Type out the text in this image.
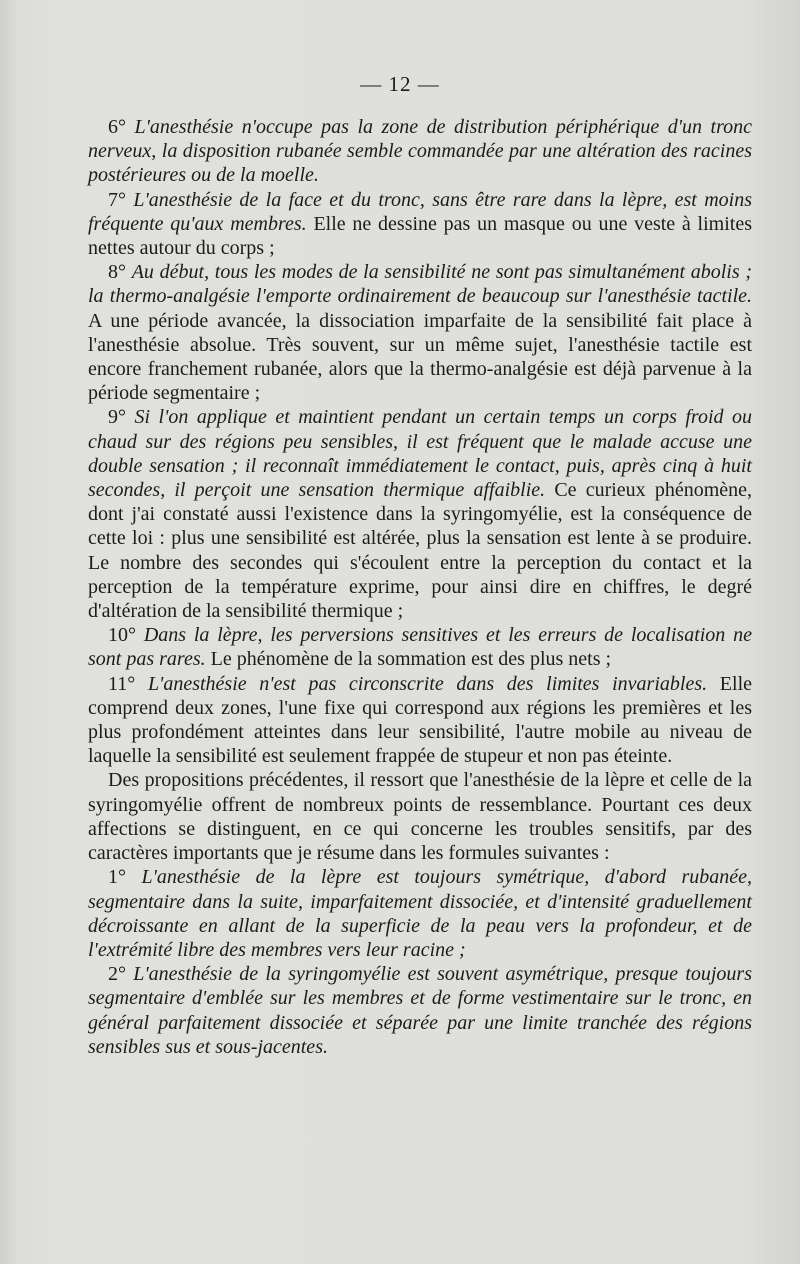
— 12 —

6° L'anesthésie n'occupe pas la zone de distribution périphérique d'un tronc nerveux, la disposition rubanée semble commandée par une altération des racines postérieures ou de la moelle.

7° L'anesthésie de la face et du tronc, sans être rare dans la lèpre, est moins fréquente qu'aux membres. Elle ne dessine pas un masque ou une veste à limites nettes autour du corps ;

8° Au début, tous les modes de la sensibilité ne sont pas simultanément abolis ; la thermo-analgésie l'emporte ordinairement de beaucoup sur l'anesthésie tactile. A une période avancée, la dissociation imparfaite de la sensibilité fait place à l'anesthésie absolue. Très souvent, sur un même sujet, l'anesthésie tactile est encore franchement rubanée, alors que la thermo-analgésie est déjà parvenue à la période segmentaire ;

9° Si l'on applique et maintient pendant un certain temps un corps froid ou chaud sur des régions peu sensibles, il est fréquent que le malade accuse une double sensation ; il reconnaît immédiatement le contact, puis, après cinq à huit secondes, il perçoit une sensation thermique affaiblie. Ce curieux phénomène, dont j'ai constaté aussi l'existence dans la syringomyélie, est la conséquence de cette loi : plus une sensibilité est altérée, plus la sensation est lente à se produire. Le nombre des secondes qui s'écoulent entre la perception du contact et la perception de la température exprime, pour ainsi dire en chiffres, le degré d'altération de la sensibilité thermique ;

10° Dans la lèpre, les perversions sensitives et les erreurs de localisation ne sont pas rares. Le phénomène de la sommation est des plus nets ;

11° L'anesthésie n'est pas circonscrite dans des limites invariables. Elle comprend deux zones, l'une fixe qui correspond aux régions les premières et les plus profondément atteintes dans leur sensibilité, l'autre mobile au niveau de laquelle la sensibilité est seulement frappée de stupeur et non pas éteinte.

Des propositions précédentes, il ressort que l'anesthésie de la lèpre et celle de la syringomyélie offrent de nombreux points de ressemblance. Pourtant ces deux affections se distinguent, en ce qui concerne les troubles sensitifs, par des caractères importants que je résume dans les formules suivantes :

1° L'anesthésie de la lèpre est toujours symétrique, d'abord rubanée, segmentaire dans la suite, imparfaitement dissociée, et d'intensité graduellement décroissante en allant de la superficie de la peau vers la profondeur, et de l'extrémité libre des membres vers leur racine ;

2° L'anesthésie de la syringomyélie est souvent asymétrique, presque toujours segmentaire d'emblée sur les membres et de forme vestimentaire sur le tronc, en général parfaitement dissociée et séparée par une limite tranchée des régions sensibles sus et sous-jacentes.
